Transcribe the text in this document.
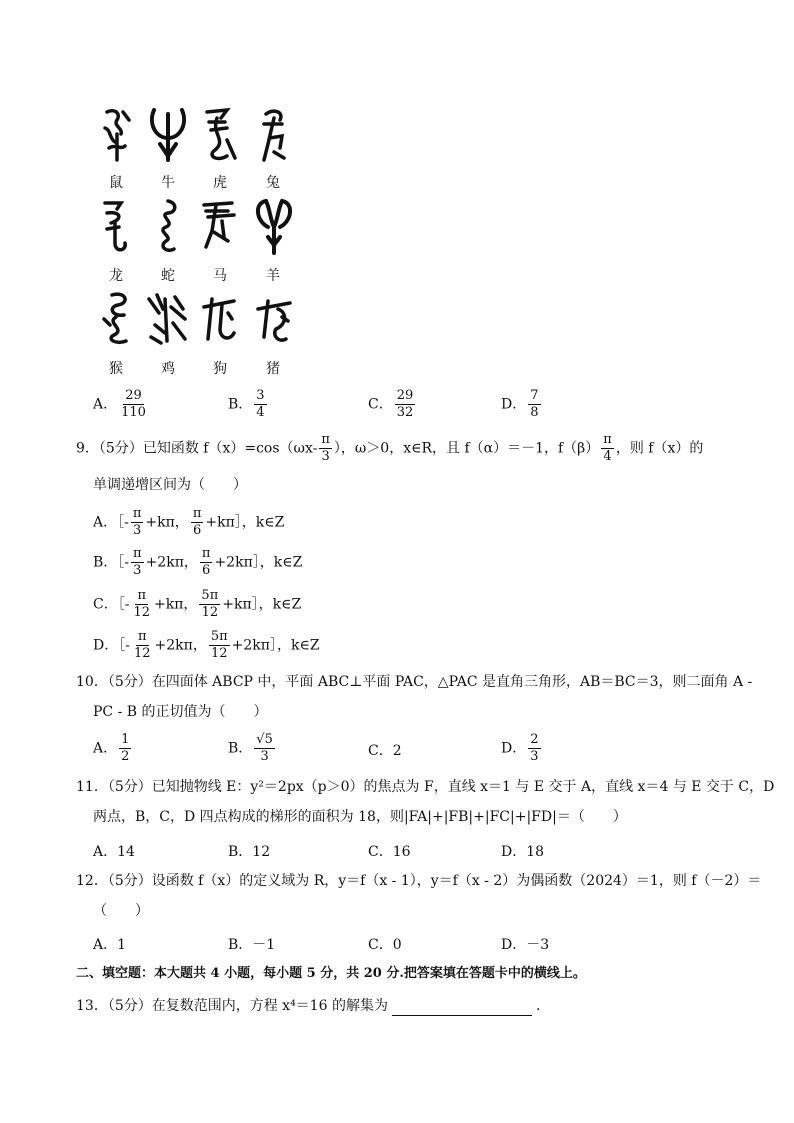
鼠	牛	虎	兔
龙	蛇	马	羊
猴	鸡	狗	猪
A． $\frac{29}{110}$	B． $\frac{3}{4}$	C． $\frac{29}{32}$	D． $\frac{7}{8}$
9．（5分）已知函数 $f(x)=\cos(\omega x- \frac{\pi}{3}$ ），ω＞0，x∈R，且 f（α）＝－1，$f(\beta) \frac{\pi}{4}$ ，则 f（x）的
单调递增区间为（　　）
A．［- $\frac{\pi}{3} +k\pi$， $\frac{\pi}{6}$ +kπ］，k∈Z
B．［- $\frac{\pi}{3} +2k\pi$， $\frac{\pi}{6}$ +2kπ］，k∈Z
C．［- $\frac{\pi}{12} +k\pi$， $\frac{5\pi}{12}$ +kπ］，k∈Z
D．［- $\frac{\pi}{12} +2k\pi$， $\frac{5\pi}{12}$ +2kπ］，k∈Z
10．（5分）在四面体 ABCP 中，平面 ABC⊥平面 PAC，△PAC 是直角三角形，AB＝BC＝3，则二面角 A -
PC - B 的正切值为（　　）
A． $\frac{1}{2}$	B． $\frac{√5}{3}$	C．2	D． $\frac{2}{3}$
11．（5分）已知抛物线 E：y²＝2px（p＞0）的焦点为 F，直线 x＝1 与 E 交于 A，直线 x＝4 与 E 交于 C，D
两点，B，C，D 四点构成的梯形的面积为 18，则|FA|+|FB|+|FC|+|FD|＝（　　）
A．14	B．12	C．16	D．18
12．（5分）设函数 f（x）的定义域为 R，y＝f（x - 1），y＝f（x - 2）为偶函数（2024）＝1，则 f（－2）＝
（　　）
A．1	B．－1	C．0	D．－3
二、填空题：本大题共 4 小题，每小题 5 分，共 20 分.把答案填在答题卡中的横线上。
13．（5分）在复数范围内，方程 x⁴＝16 的解集为	.
